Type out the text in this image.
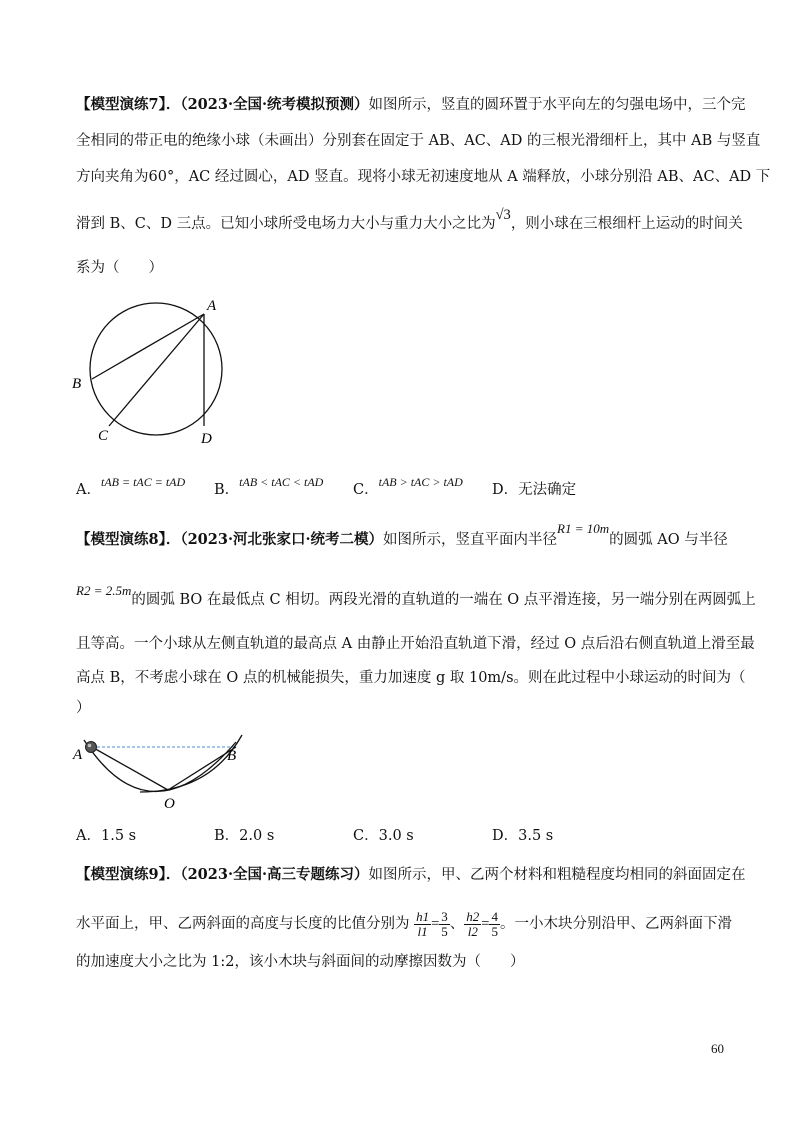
【模型演练7】．（2023·全国·统考模拟预测）如图所示，竖直的圆环置于水平向左的匀强电场中，三个完
全相同的带正电的绝缘小球（未画出）分别套在固定于 AB、AC、AD 的三根光滑细杆上，其中 AB 与竖直
方向夹角为60°，AC 经过圆心，AD 竖直。现将小球无初速度地从 A 端释放，小球分别沿 AB、AC、AD 下
滑到 B、C、D 三点。已知小球所受电场力大小与重力大小之比为√3，则小球在三根细杆上运动的时间关
系为（　　）
A
B
C	D
A．$^{tAB = tAC = tAD}$ B．$^{tAB < tAC < tAD}$ C．$^{tAB > tAC > tAD}$ D．无法确定
【模型演练8】．（2023·河北张家口·统考二模）如图所示，竖直平面内半径R1 = 10m的圆弧 AO 与半径
R2 = 2.5m的圆弧 BO 在最低点 C 相切。两段光滑的直轨道的一端在 O 点平滑连接，另一端分别在两圆弧上
且等高。一个小球从左侧直轨道的最高点 A 由静止开始沿直轨道下滑，经过 O 点后沿右侧直轨道上滑至最
高点 B，不考虑小球在 O 点的机械能损失，重力加速度 g 取 10m/s。则在此过程中小球运动的时间为（
）
A	B
O
A．1.5 s	B．2.0 s	C．3.0 s	D．3.5 s
【模型演练9】．（2023·全国·高三专题练习）如图所示，甲、乙两个材料和粗糙程度均相同的斜面固定在
水平面上，甲、乙两斜面的高度与长度的比值分别为 $\frac{h1}{l1} = \frac{3}{5}$ 、 $\frac{h2}{l2} = \frac{4}{5}$ 。一小木块分别沿甲、乙两斜面下滑
的加速度大小之比为 1:2，该小木块与斜面间的动摩擦因数为（　　）
60
